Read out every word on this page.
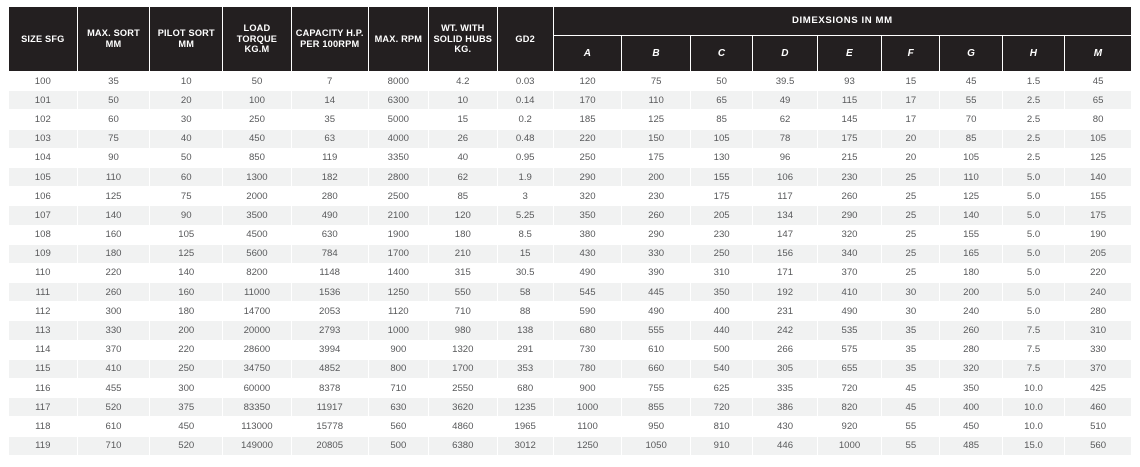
SIZE SFG	MAX. SORT MM	PILOT SORT MM	LOAD TORQUE KG.M	CAPACITY H.P. PER 100RPM	MAX. RPM	WT. WITH SOLID HUBS KG.	GD2	DIMEXSIONS IN MM								
								A	B	C	D	E	F	G	H	M
100	35	10	50	7	8000	4.2	0.03	120	75	50	39.5	93	15	45	1.5	45
101	50	20	100	14	6300	10	0.14	170	110	65	49	115	17	55	2.5	65
102	60	30	250	35	5000	15	0.2	185	125	85	62	145	17	70	2.5	80
103	75	40	450	63	4000	26	0.48	220	150	105	78	175	20	85	2.5	105
104	90	50	850	119	3350	40	0.95	250	175	130	96	215	20	105	2.5	125
105	110	60	1300	182	2800	62	1.9	290	200	155	106	230	25	110	5.0	140
106	125	75	2000	280	2500	85	3	320	230	175	117	260	25	125	5.0	155
107	140	90	3500	490	2100	120	5.25	350	260	205	134	290	25	140	5.0	175
108	160	105	4500	630	1900	180	8.5	380	290	230	147	320	25	155	5.0	190
109	180	125	5600	784	1700	210	15	430	330	250	156	340	25	165	5.0	205
110	220	140	8200	1148	1400	315	30.5	490	390	310	171	370	25	180	5.0	220
111	260	160	11000	1536	1250	550	58	545	445	350	192	410	30	200	5.0	240
112	300	180	14700	2053	1120	710	88	590	490	400	231	490	30	240	5.0	280
113	330	200	20000	2793	1000	980	138	680	555	440	242	535	35	260	7.5	310
114	370	220	28600	3994	900	1320	291	730	610	500	266	575	35	280	7.5	330
115	410	250	34750	4852	800	1700	353	780	660	540	305	655	35	320	7.5	370
116	455	300	60000	8378	710	2550	680	900	755	625	335	720	45	350	10.0	425
117	520	375	83350	11917	630	3620	1235	1000	855	720	386	820	45	400	10.0	460
118	610	450	113000	15778	560	4860	1965	1100	950	810	430	920	55	450	10.0	510
119	710	520	149000	20805	500	6380	3012	1250	1050	910	446	1000	55	485	15.0	560
